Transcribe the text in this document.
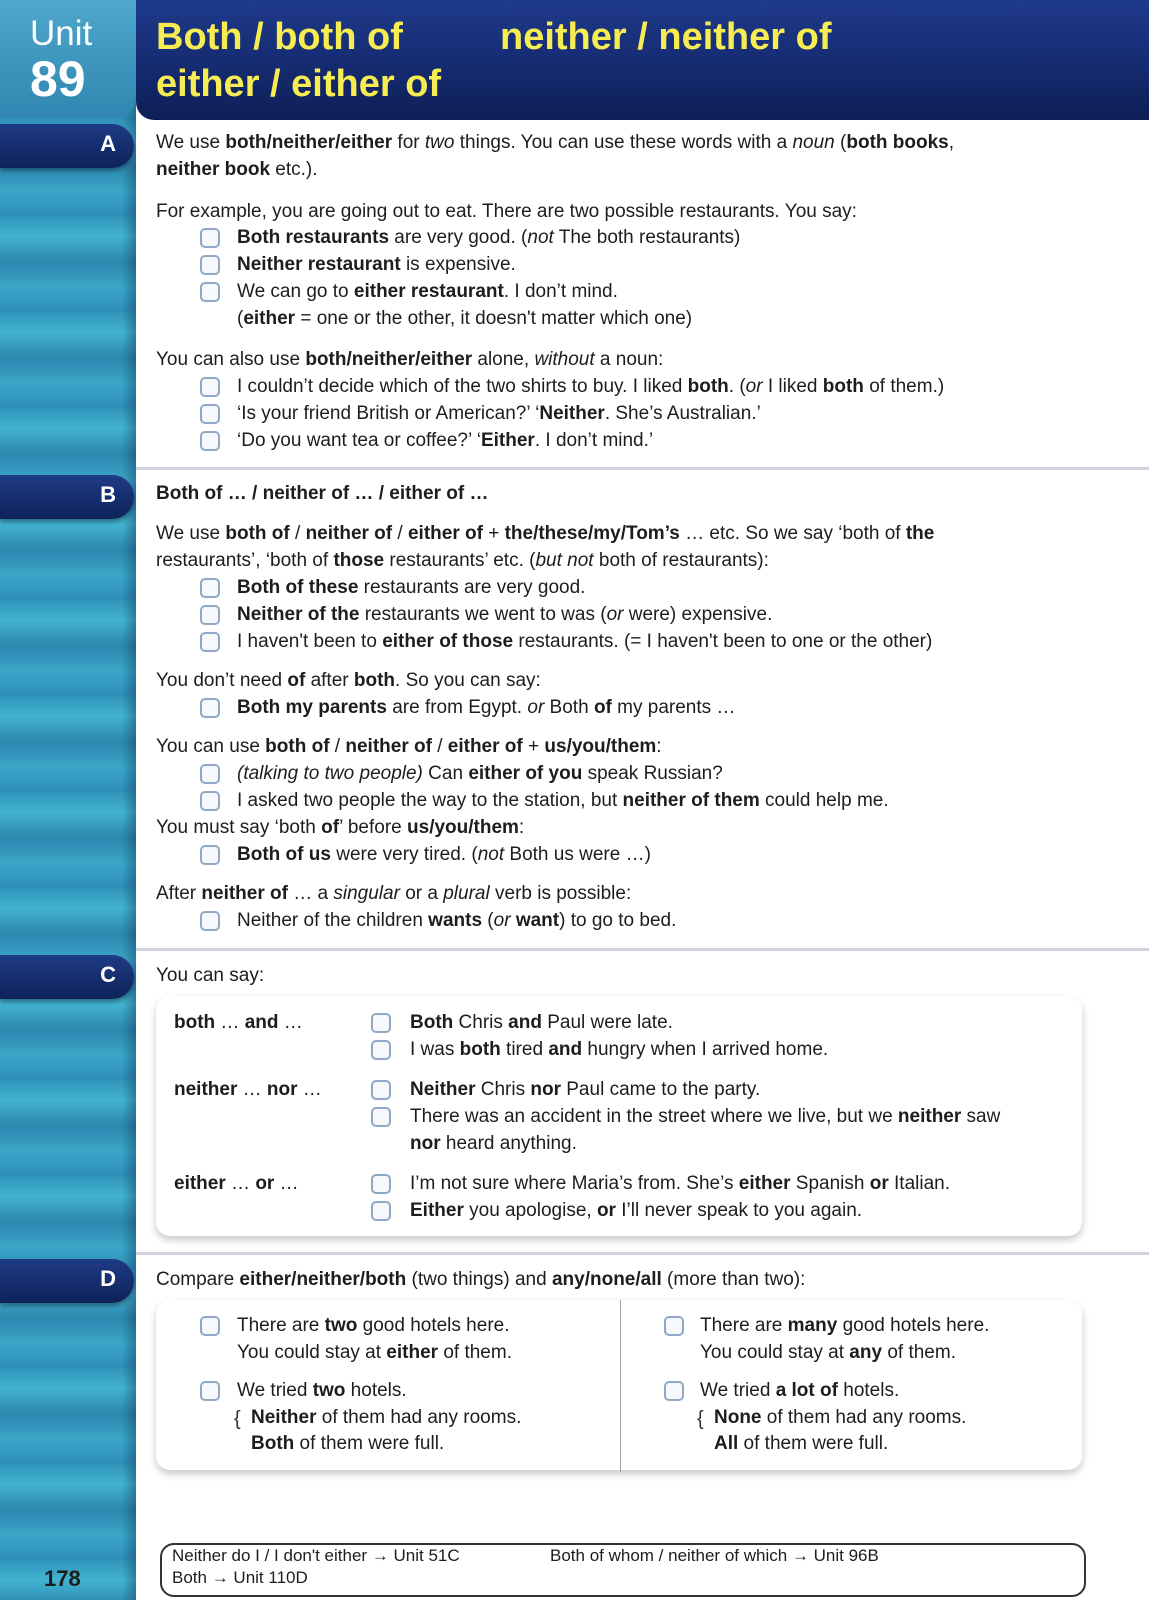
Unit
89
Both / both of	neither / neither of
either / either of
A
B
C
D
We use both/neither/either for two things. You can use these words with a noun (both books,
neither book etc.).
For example, you are going out to eat. There are two possible restaurants. You say:
Both restaurants are very good. (not The both restaurants)
Neither restaurant is expensive.
We can go to either restaurant. I don’t mind.
(either = one or the other, it doesn't matter which one)
You can also use both/neither/either alone, without a noun:
I couldn’t decide which of the two shirts to buy. I liked both. (or I liked both of them.)
‘Is your friend British or American?’ ‘Neither. She’s Australian.’
‘Do you want tea or coffee?’ ‘Either. I don’t mind.’
Both of … / neither of … / either of …
We use both of / neither of / either of + the/these/my/Tom’s … etc. So we say ‘both of the
restaurants’, ‘both of those restaurants’ etc. (but not both of restaurants):
Both of these restaurants are very good.
Neither of the restaurants we went to was (or were) expensive.
I haven't been to either of those restaurants. (= I haven't been to one or the other)
You don’t need of after both. So you can say:
Both my parents are from Egypt. or Both of my parents …
You can use both of / neither of / either of + us/you/them:
(talking to two people) Can either of you speak Russian?
I asked two people the way to the station, but neither of them could help me.
You must say ‘both of’ before us/you/them:
Both of us were very tired. (not Both us were …)
After neither of … a singular or a plural verb is possible:
Neither of the children wants (or want) to go to bed.
You can say:
both … and …	Both Chris and Paul were late.
I was both tired and hungry when I arrived home.
neither … nor …	Neither Chris nor Paul came to the party.
There was an accident in the street where we live, but we neither saw
nor heard anything.
either … or …	I’m not sure where Maria’s from. She’s either Spanish or Italian.
Either you apologise, or I’ll never speak to you again.
Compare either/neither/both (two things) and any/none/all (more than two):
There are two good hotels here.
You could stay at either of them.
We tried two hotels.
{ Neither of them had any rooms.
Both of them were full.
There are many good hotels here.
You could stay at any of them.
We tried a lot of hotels.
{ None of them had any rooms.
All of them were full.
Neither do I / I don't either → Unit 51C	Both of whom / neither of which → Unit 96B
Both → Unit 110D
178
